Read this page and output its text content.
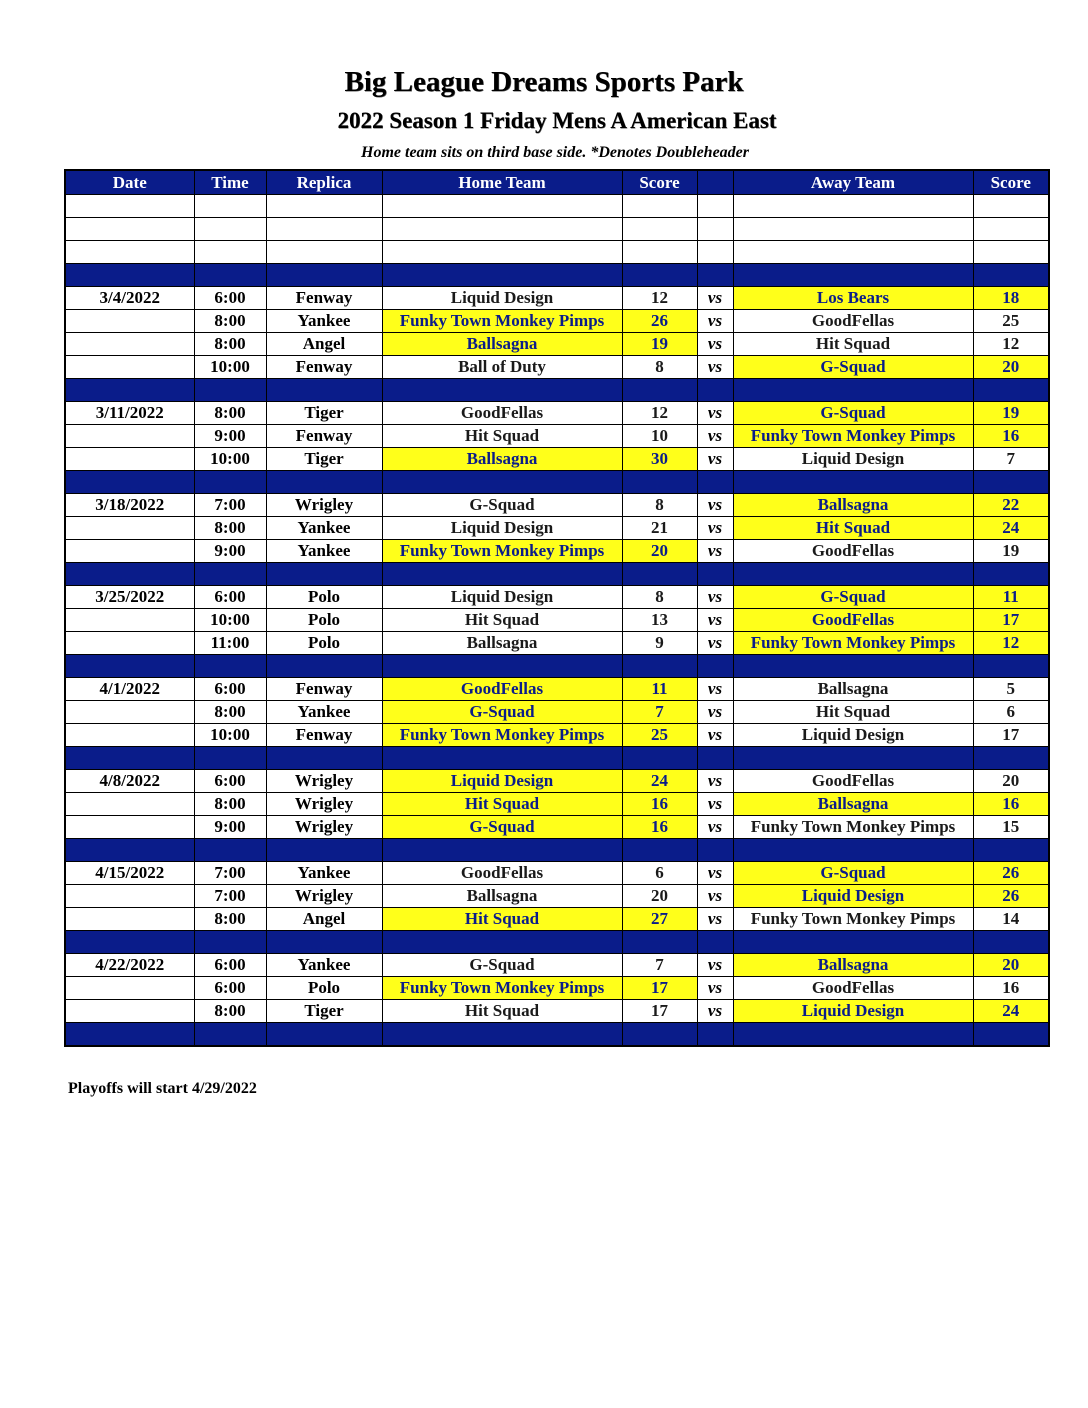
Big League Dreams Sports Park
2022 Season 1 Friday Mens A American East
Home team sits on third base side. *Denotes Doubleheader
Date	Time	Replica	Home Team	Score		Away Team	Score

3/4/2022	6:00	Fenway	Liquid Design	12	vs	Los Bears	18
	8:00	Yankee	Funky Town Monkey Pimps	26	vs	GoodFellas	25
	8:00	Angel	Ballsagna	19	vs	Hit Squad	12
	10:00	Fenway	Ball of Duty	8	vs	G-Squad	20

3/11/2022	8:00	Tiger	GoodFellas	12	vs	G-Squad	19
	9:00	Fenway	Hit Squad	10	vs	Funky Town Monkey Pimps	16
	10:00	Tiger	Ballsagna	30	vs	Liquid Design	7

3/18/2022	7:00	Wrigley	G-Squad	8	vs	Ballsagna	22
	8:00	Yankee	Liquid Design	21	vs	Hit Squad	24
	9:00	Yankee	Funky Town Monkey Pimps	20	vs	GoodFellas	19

3/25/2022	6:00	Polo	Liquid Design	8	vs	G-Squad	11
	10:00	Polo	Hit Squad	13	vs	GoodFellas	17
	11:00	Polo	Ballsagna	9	vs	Funky Town Monkey Pimps	12

4/1/2022	6:00	Fenway	GoodFellas	11	vs	Ballsagna	5
	8:00	Yankee	G-Squad	7	vs	Hit Squad	6
	10:00	Fenway	Funky Town Monkey Pimps	25	vs	Liquid Design	17

4/8/2022	6:00	Wrigley	Liquid Design	24	vs	GoodFellas	20
	8:00	Wrigley	Hit Squad	16	vs	Ballsagna	16
	9:00	Wrigley	G-Squad	16	vs	Funky Town Monkey Pimps	15

4/15/2022	7:00	Yankee	GoodFellas	6	vs	G-Squad	26
	7:00	Wrigley	Ballsagna	20	vs	Liquid Design	26
	8:00	Angel	Hit Squad	27	vs	Funky Town Monkey Pimps	14

4/22/2022	6:00	Yankee	G-Squad	7	vs	Ballsagna	20
	6:00	Polo	Funky Town Monkey Pimps	17	vs	GoodFellas	16
	8:00	Tiger	Hit Squad	17	vs	Liquid Design	24

Playoffs will start 4/29/2022
